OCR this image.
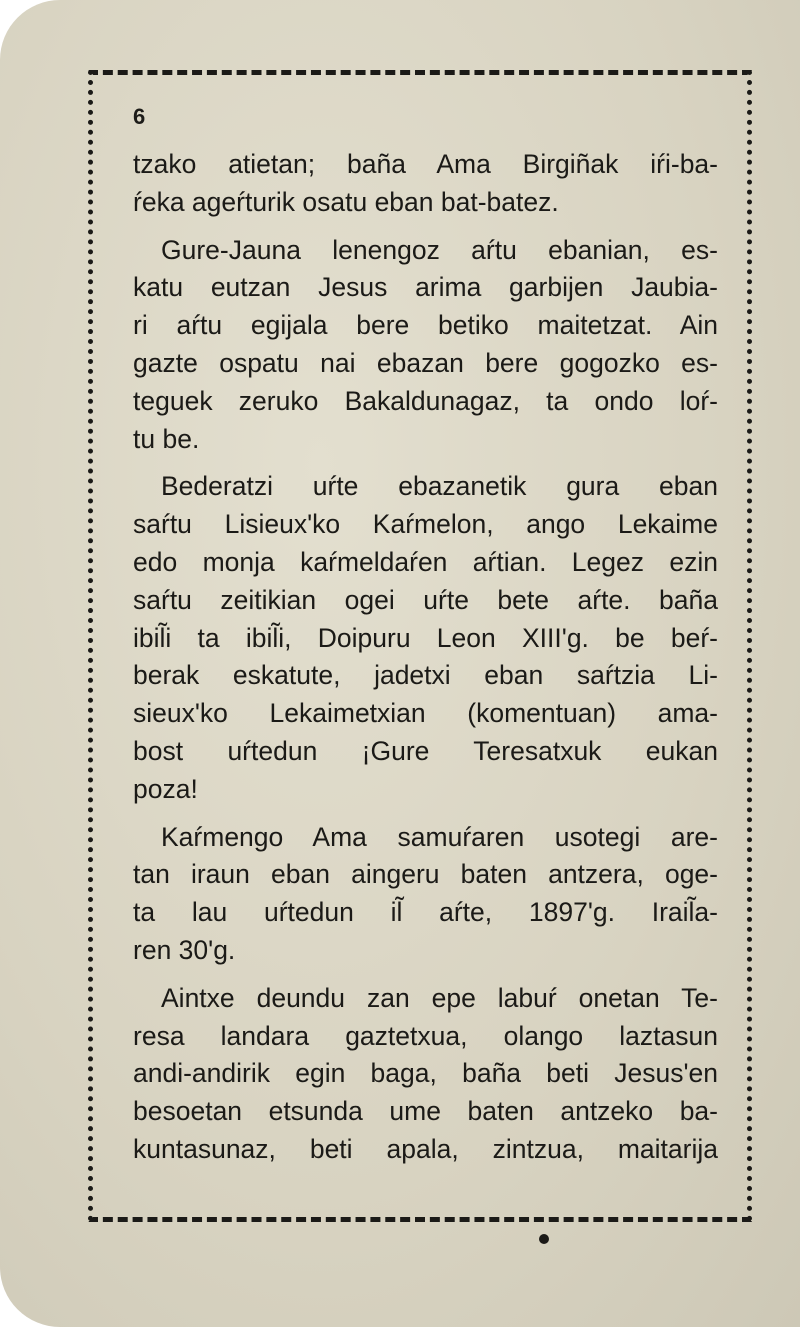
6
tzako atietan; baña Ama Birgiñak iŕi-ba-
ŕeka ageŕturik osatu eban bat-batez.
Gure-Jauna lenengoz aŕtu ebanian, es-
katu eutzan Jesus arima garbijen Jaubia-
ri aŕtu egijala bere betiko maitetzat. Ain
gazte ospatu nai ebazan bere gogozko es-
teguek zeruko Bakaldunagaz, ta ondo loŕ-
tu be.
Bederatzi uŕte ebazanetik gura eban
saŕtu Lisieux'ko Kaŕmelon, ango Lekaime
edo monja kaŕmeldaŕen aŕtian. Legez ezin
saŕtu zeitikian ogei uŕte bete aŕte. baña
ibil̃i ta ibil̃i, Doipuru Leon XIII'g. be beŕ-
berak eskatute, jadetxi eban saŕtzia Li-
sieux'ko Lekaimetxian (komentuan) ama-
bost uŕtedun ¡Gure Teresatxuk eukan
poza!
Kaŕmengo Ama samuŕaren usotegi are-
tan iraun eban aingeru baten antzera, oge-
ta lau uŕtedun il̃ aŕte, 1897'g. Irail̃a-
ren 30'g.
Aintxe deundu zan epe labuŕ onetan Te-
resa landara gaztetxua, olango laztasun
andi-andirik egin baga, baña beti Jesus'en
besoetan etsunda ume baten antzeko ba-
kuntasunaz, beti apala, zintzua, maitarija
